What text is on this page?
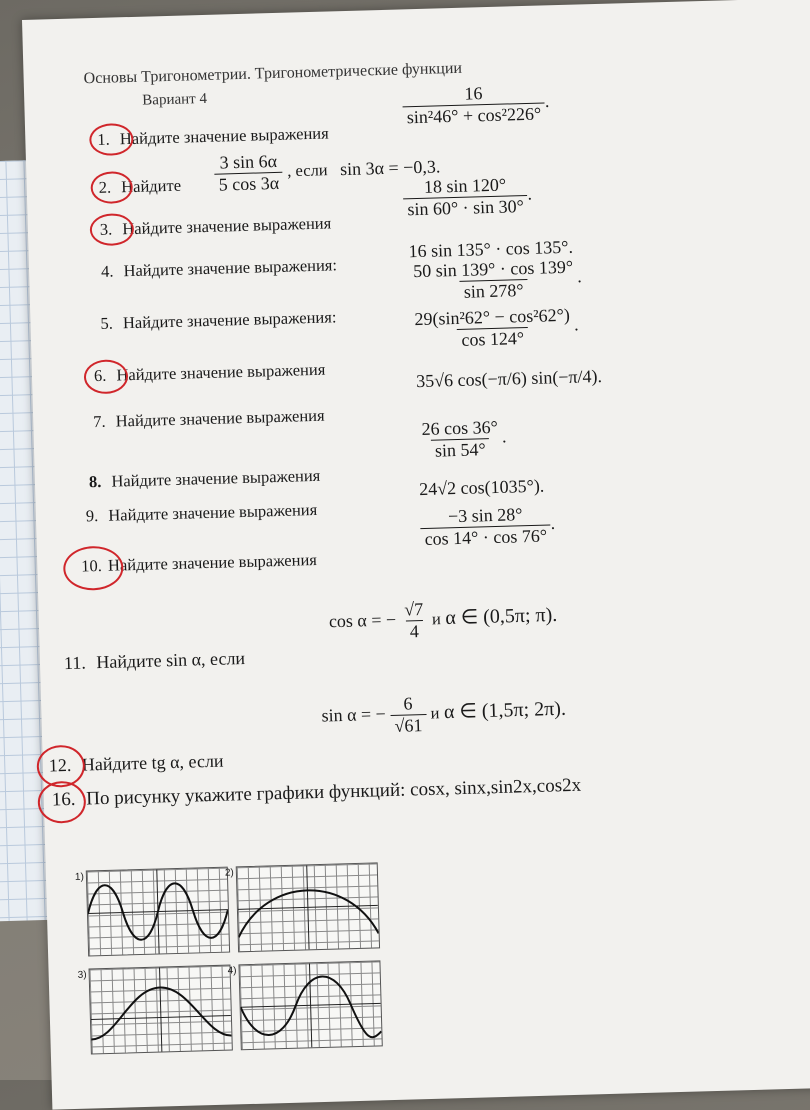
Основы Тригонометрии. Тригонометрические функции
Вариант 4
1. Найдите значение выражения
$\frac{16}{\text{sin²46° + cos²226°}}$ .
2. Найдите $\frac{3 \sin 6\alpha}{5 \cos 3\alpha}$ , если sin 3α = −0,3.
3. Найдите значение выражения
$\frac{18 \sin 120^\circ}{\sin 60^\circ \cdot \sin 30^\circ}$ .
4. Найдите значение выражения:
16 sin 135° · cos 135°.
5. Найдите значение выражения:
$\frac{50 \sin 139^\circ \cdot \cos 139^\circ}{\sin 278^\circ}$ .
6. Найдите значение выражения
$\frac{\text{29(sin²62° − cos²62°)}}{\cos 124^\circ}$ .
7. Найдите значение выражения
35√6 cos(−π/6) sin(−π/4).
8. Найдите значение выражения
$\frac{26 \cos 36^\circ}{\sin 54^\circ}$ .
9. Найдите значение выражения
24√2 cos(1035°).
10. Найдите значение выражения
$\frac{-3 \sin 28^\circ}{\cos 14^\circ \cdot \cos 76^\circ}$ .
11. Найдите sin α, если
cos α = − $\frac{√7}{4}$ и α ∈ (0,5π; π).
12. Найдите tg α, если
sin α = − $\frac{6}{√61}$ и α ∈ (1,5π; 2π).
16. По рисунку укажите графики функций: cosx, sinx,sin2x,cos2x
1)	2)
3)	4)
